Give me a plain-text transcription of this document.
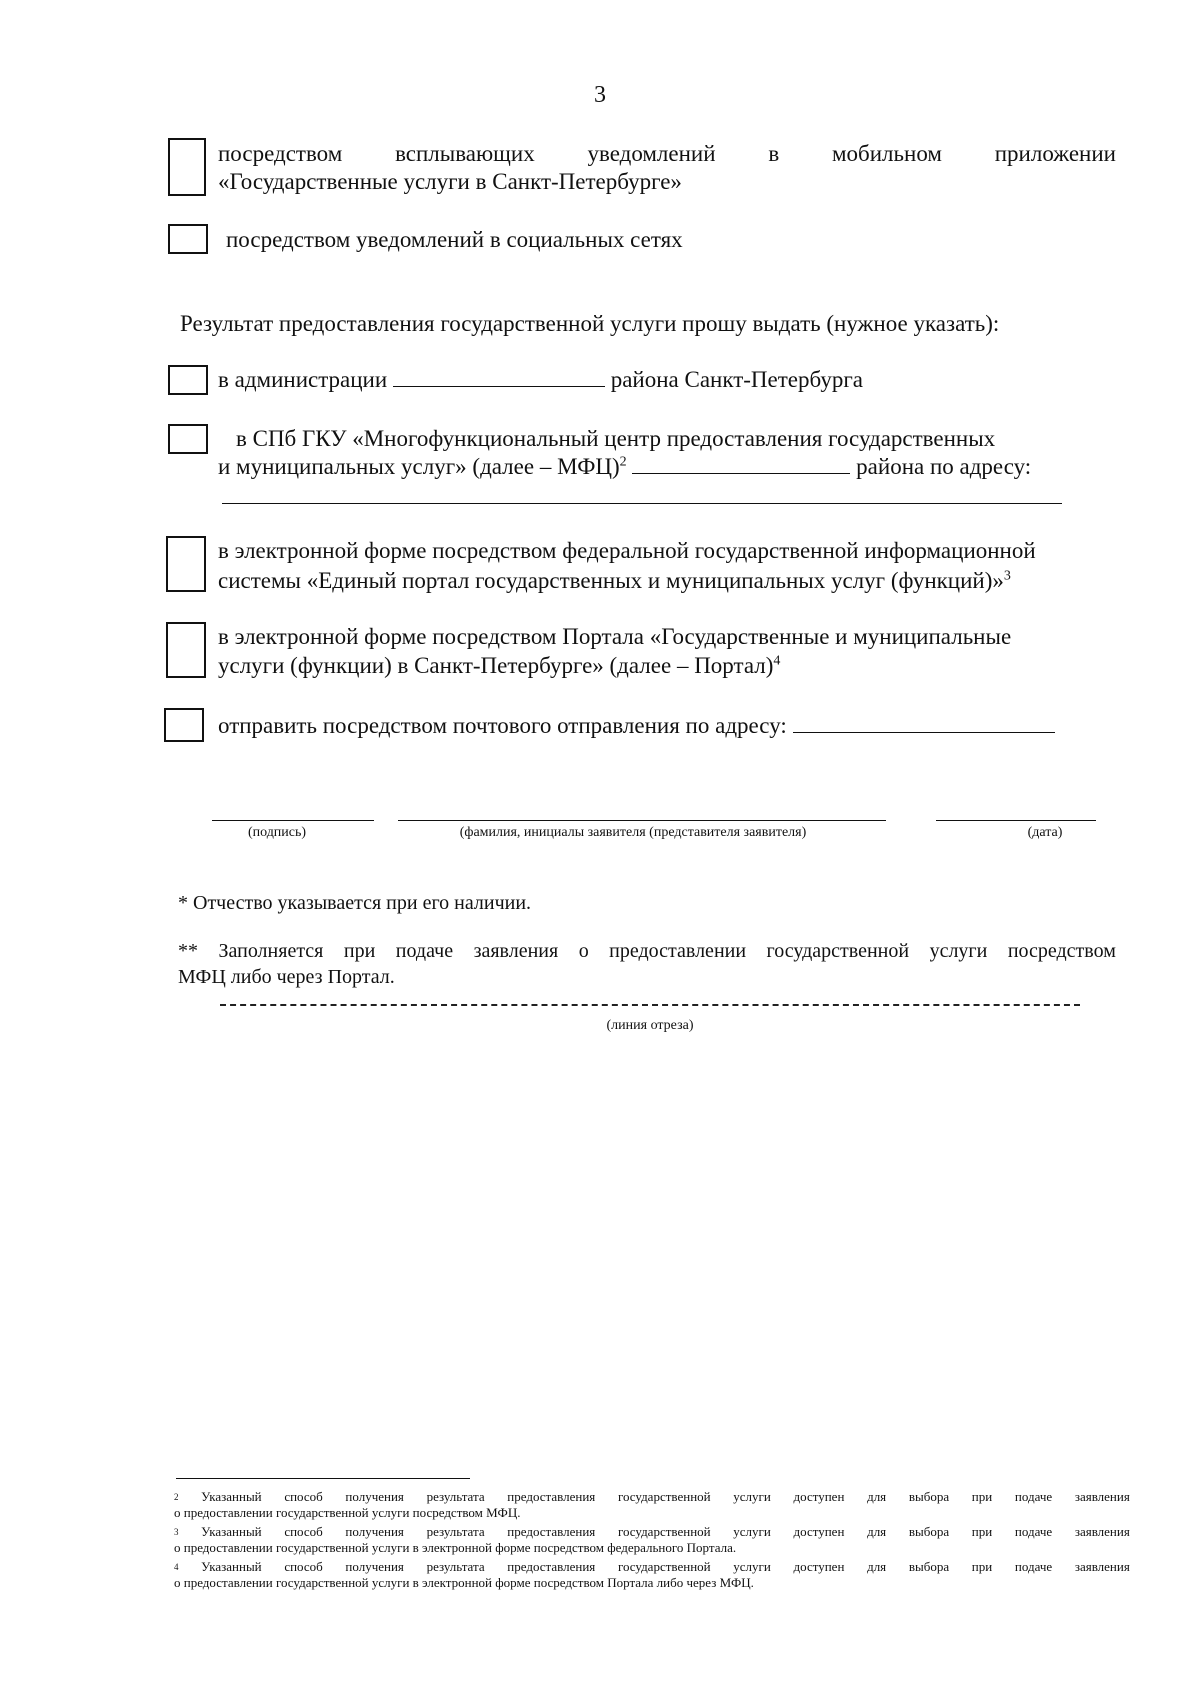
3
посредством всплывающих уведомлений в мобильном приложении
«Государственные услуги в Санкт-Петербурге»
посредством уведомлений в социальных сетях
Результат предоставления государственной услуги прошу выдать (нужное указать):
в администрации	района Санкт-Петербурга
в СПб ГКУ «Многофункциональный центр предоставления государственных
и муниципальных услуг» (далее – МФЦ)$^2$	района по адресу:
в электронной форме посредством федеральной государственной информационной
системы «Единый портал государственных и муниципальных услуг (функций)»$^3$
в электронной форме посредством Портала «Государственные и муниципальные
услуги (функции) в Санкт-Петербурге» (далее – Портал)$^4$
отправить посредством почтового отправления по адресу:
(подпись)	(фамилия, инициалы заявителя (представителя заявителя)	(дата)
* Отчество указывается при его наличии.
** Заполняется при подаче заявления о предоставлении государственной услуги посредством
МФЦ либо через Портал.
(линия отреза)
2 Указанный способ получения результата предоставления государственной услуги доступен для выбора при подаче заявления
о предоставлении государственной услуги посредством МФЦ.
3 Указанный способ получения результата предоставления государственной услуги доступен для выбора при подаче заявления
о предоставлении государственной услуги в электронной форме посредством федерального Портала.
4 Указанный способ получения результата предоставления государственной услуги доступен для выбора при подаче заявления
о предоставлении государственной услуги в электронной форме посредством Портала либо через МФЦ.
